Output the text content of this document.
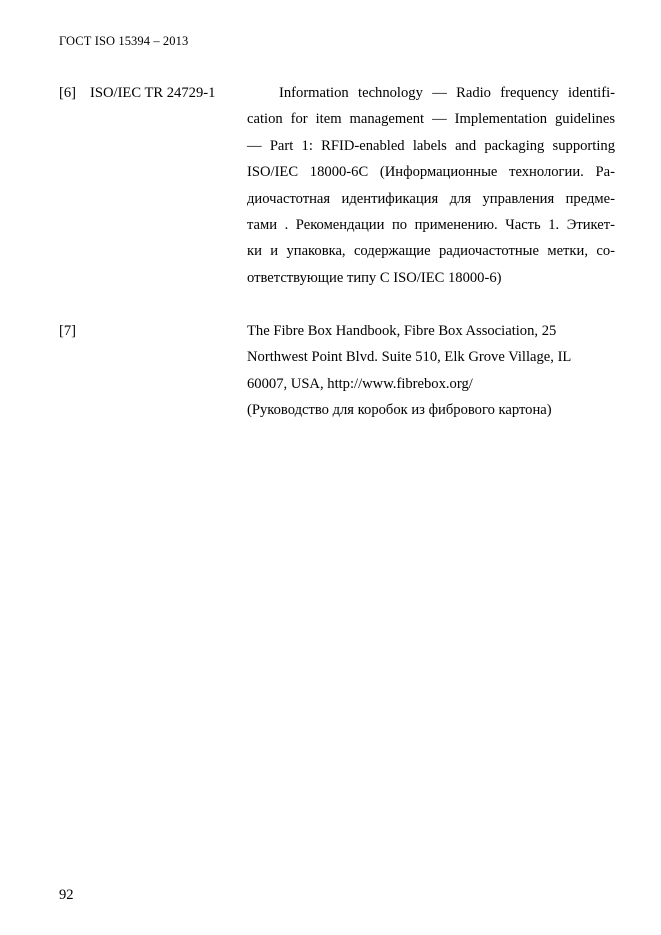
ГОСТ ISO 15394 – 2013
[6] ISO/IEC TR 24729-1	Information technology — Radio frequency identifi-
cation for item management — Implementation guidelines
— Part 1: RFID-enabled labels and packaging supporting
ISO/IEC 18000-6C (Информационные технологии. Ра-
диочастотная идентификация для управления предме-
тами . Рекомендации по применению. Часть 1. Этикет-
ки и упаковка, содержащие радиочастотные метки, со-
ответствующие типу С ISO/IEC 18000-6)
[7]	The Fibre Box Handbook, Fibre Box Association, 25
Northwest Point Blvd. Suite 510, Elk Grove Village, IL
60007, USA, http://www.fibrebox.org/
(Руководство для коробок из фибрового картона)
92
